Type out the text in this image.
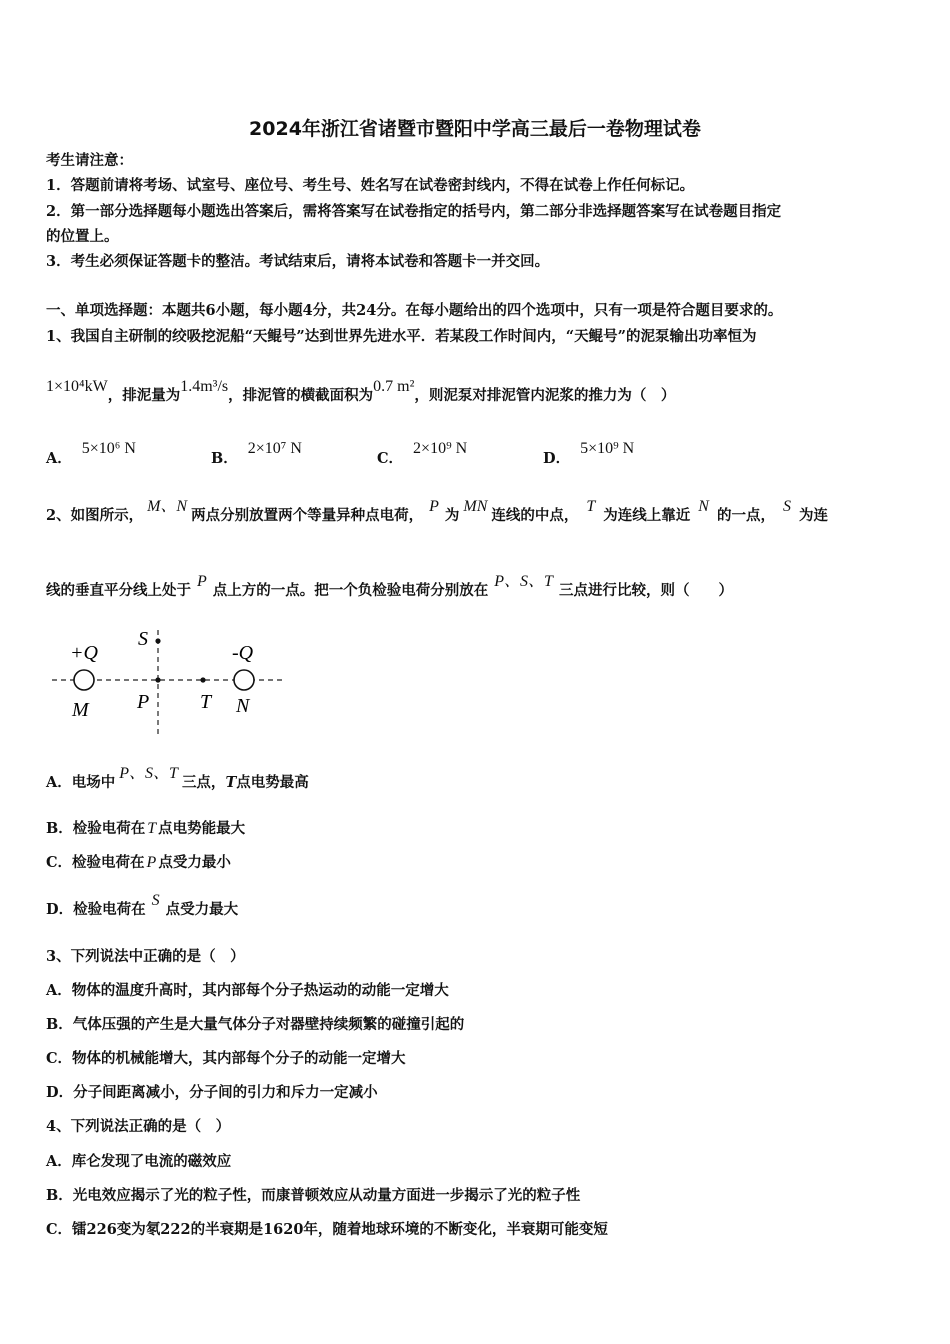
2024年浙江省诸暨市暨阳中学高三最后一卷物理试卷
考生请注意：
1．答题前请将考场、试室号、座位号、考生号、姓名写在试卷密封线内，不得在试卷上作任何标记。
2．第一部分选择题每小题选出答案后，需将答案写在试卷指定的括号内，第二部分非选择题答案写在试卷题目指定
的位置上。
3．考生必须保证答题卡的整洁。考试结束后，请将本试卷和答题卡一并交回。
一、单项选择题：本题共6小题，每小题4分，共24分。在每小题给出的四个选项中，只有一项是符合题目要求的。
1、我国自主研制的绞吸挖泥船“天鲲号”达到世界先进水平．若某段工作时间内，“天鲲号”的泥泵输出功率恒为
1×10⁴kW，排泥量为1.4m³/s，排泥管的横截面积为0.7 m²，则泥泵对排泥管内泥浆的推力为（　）
A．5×10⁶ N
B．2×10⁷ N
C．2×10⁹ N
D．5×10⁹ N
2、如图所示，M、N两点分别放置两个等量异种点电荷，P为MN连线的中点，T为连线上靠近N的一点，S为连
线的垂直平分线上处于P点上方的一点。把一个负检验电荷分别放在P、S、T三点进行比较，则（　　）
+Q	-Q
M	N
P
S
T
A．电场中P、S、T三点，T点电势最高
B．检验电荷在 T 点电势能最大
C．检验电荷在 P 点受力最小
D．检验电荷在S点受力最大
3、下列说法中正确的是（　）
A．物体的温度升高时，其内部每个分子热运动的动能一定增大
B．气体压强的产生是大量气体分子对器壁持续频繁的碰撞引起的
C．物体的机械能增大，其内部每个分子的动能一定增大
D．分子间距离减小，分子间的引力和斥力一定减小
4、下列说法正确的是（　）
A．库仑发现了电流的磁效应
B．光电效应揭示了光的粒子性，而康普顿效应从动量方面进一步揭示了光的粒子性
C．镭226变为氡222的半衰期是1620年，随着地球环境的不断变化，半衰期可能变短
